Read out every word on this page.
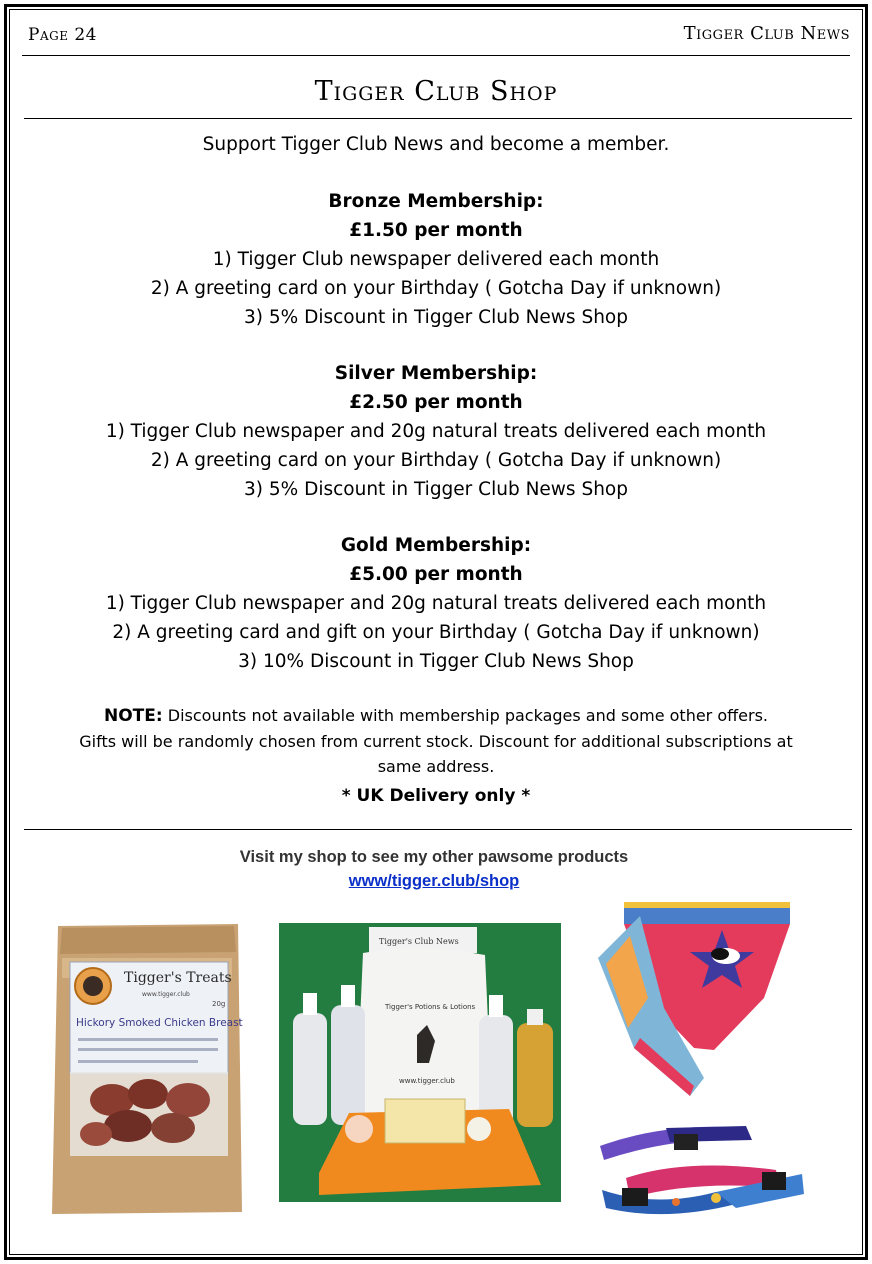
Page 24	Tigger Club News
Tigger Club Shop
Support Tigger Club News and become a member.
Bronze Membership:
£1.50 per month
1) Tigger Club newspaper delivered each month
2) A greeting card on your Birthday ( Gotcha Day if unknown)
3) 5% Discount in Tigger Club News Shop
Silver Membership:
£2.50 per month
1) Tigger Club newspaper and 20g natural treats delivered each month
2) A greeting card on your Birthday ( Gotcha Day if unknown)
3) 5% Discount in Tigger Club News Shop
Gold Membership:
£5.00 per month
1) Tigger Club newspaper and 20g natural treats delivered each month
2) A greeting card and gift on your Birthday ( Gotcha Day if unknown)
3) 10% Discount in Tigger Club News Shop
NOTE: Discounts not available with membership packages and some other offers.
Gifts will be randomly chosen from current stock. Discount for additional subscriptions at
same address.
* UK Delivery only *
Visit my shop to see my other pawsome products
www/tigger.club/shop
Tigger's Treats
www.tigger.club
20g
Hickory Smoked Chicken Breast
Tigger's Club News
Tigger's Potions & Lotions
www.tigger.club
